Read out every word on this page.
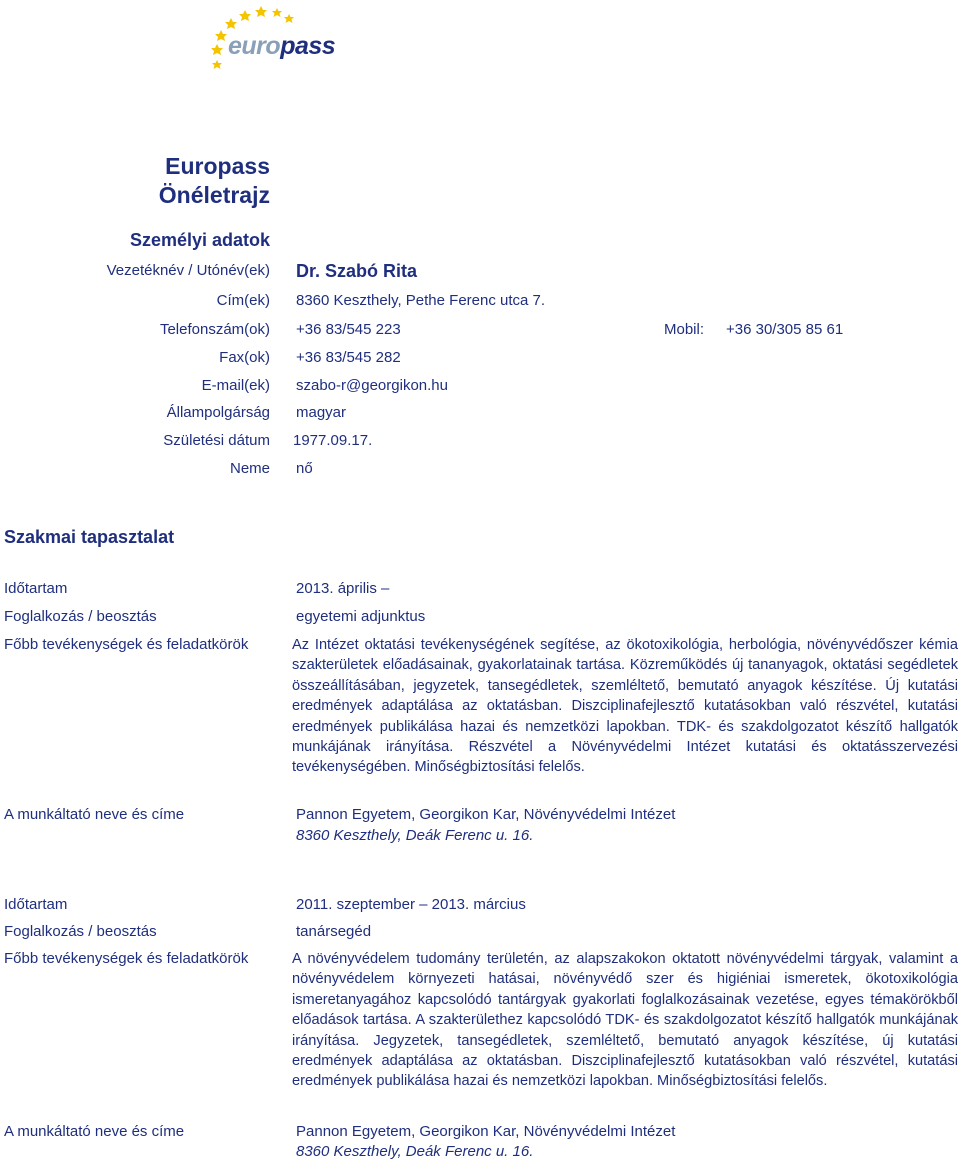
europass
Europass
Önéletrajz
Személyi adatok
Vezetéknév / Utónév(ek) Dr. Szabó Rita
Cím(ek) 8360 Keszthely, Pethe Ferenc utca 7.
Telefonszám(ok) +36 83/545 223	Mobil: +36 30/305 85 61
Fax(ok) +36 83/545 282
E-mail(ek) szabo-r@georgikon.hu
Állampolgárság magyar
Születési dátum 1977.09.17.
Neme nő
Szakmai tapasztalat
Időtartam	2013. április –
Foglalkozás / beosztás	egyetemi adjunktus
Főbb tevékenységek és feladatkörök	Az Intézet oktatási tevékenységének segítése, az ökotoxikológia, herbológia, növényvédőszer kémia szakterületek előadásainak, gyakorlatainak tartása. Közreműködés új tananyagok, oktatási segédletek összeállításában, jegyzetek, tansegédletek, szemléltető, bemutató anyagok készítése. Új kutatási eredmények adaptálása az oktatásban. Diszciplinafejlesztő kutatásokban való részvétel, kutatási eredmények publikálása hazai és nemzetközi lapokban. TDK- és szakdolgozatot készítő hallgatók munkájának irányítása. Részvétel a Növényvédelmi Intézet kutatási és oktatásszervezési tevékenységében. Minőségbiztosítási felelős.
A munkáltató neve és címe	Pannon Egyetem, Georgikon Kar, Növényvédelmi Intézet
8360 Keszthely, Deák Ferenc u. 16.
Időtartam	2011. szeptember – 2013. március
Foglalkozás / beosztás	tanársegéd
Főbb tevékenységek és feladatkörök	A növényvédelem tudomány területén, az alapszakokon oktatott növényvédelmi tárgyak, valamint a növényvédelem környezeti hatásai, növényvédő szer és higiéniai ismeretek, ökotoxikológia ismeretanyagához kapcsolódó tantárgyak gyakorlati foglalkozásainak vezetése, egyes témakörökből előadások tartása. A szakterülethez kapcsolódó TDK- és szakdolgozatot készítő hallgatók munkájának irányítása. Jegyzetek, tansegédletek, szemléltető, bemutató anyagok készítése, új kutatási eredmények adaptálása az oktatásban. Diszciplinafejlesztő kutatásokban való részvétel, kutatási eredmények publikálása hazai és nemzetközi lapokban. Minőségbiztosítási felelős.
A munkáltató neve és címe	Pannon Egyetem, Georgikon Kar, Növényvédelmi Intézet
8360 Keszthely, Deák Ferenc u. 16.
